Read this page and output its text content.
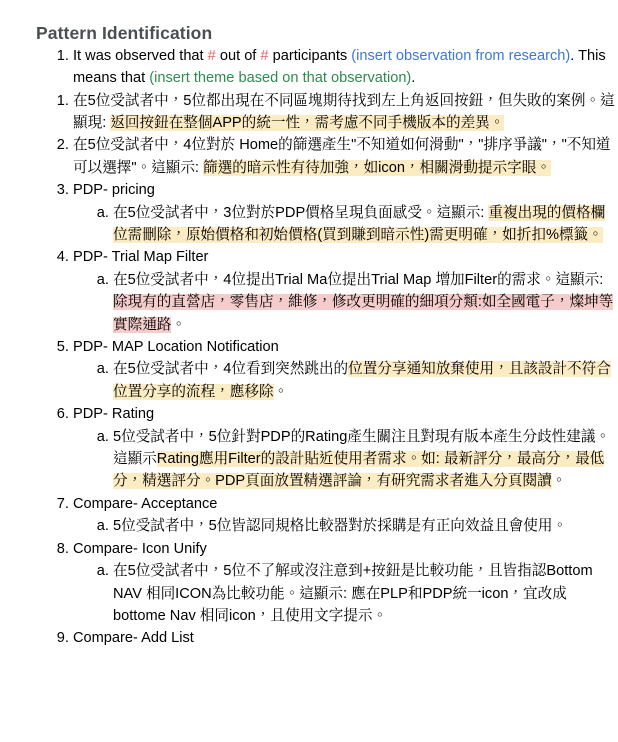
Pattern Identification
1. It was observed that # out of # participants (insert observation from research). This means that (insert theme based on that observation).
1. 在5位受試者中，5位都出現在不同區塊期待找到左上角返回按鈕，但失敗的案例。這顯現: 返回按鈕在整個APP的統一性，需考慮不同手機版本的差異。
2. 在5位受試者中，4位對於 Home的篩選產生"不知道如何滑動"，"排序爭議"，"不知道可以選擇"。這顯示: 篩選的暗示性有待加強，如icon，相關滑動提示字眼。
3. PDP- pricing
a. 在5位受試者中，3位對於PDP價格呈現負面感受。這顯示: 重複出現的價格欄位需刪除，原始價格和初始價格(買到賺到暗示性)需更明確，如折扣%標籤。
4. PDP- Trial Map Filter
a. 在5位受試者中，4位提出Trial Ma位提出Trial Map 增加Filter的需求。這顯示: 除現有的直營店，零售店，維修，修改更明確的細項分類:如全國電子，燦坤等實際通路。
5. PDP- MAP Location Notification
a. 在5位受試者中，4位看到突然跳出的位置分享通知放棄使用，且該設計不符合位置分享的流程，應移除。
6. PDP- Rating
a. 5位受試者中，5位針對PDP的Rating產生關注且對現有版本產生分歧性建議。這顯示Rating應用Filter的設計貼近使用者需求。如: 最新評分，最高分，最低分，精選評分。PDP頁面放置精選評論，有研究需求者進入分頁閱讀。
7. Compare- Acceptance
a. 5位受試者中，5位皆認同規格比較器對於採購是有正向效益且會使用。
8. Compare- Icon Unify
a. 在5位受試者中，5位不了解或沒注意到+按鈕是比較功能，且皆指認Bottom NAV 相同ICON為比較功能。這顯示: 應在PLP和PDP統一icon，宜改成bottome Nav 相同icon，且使用文字提示。
9. Compare- Add List
